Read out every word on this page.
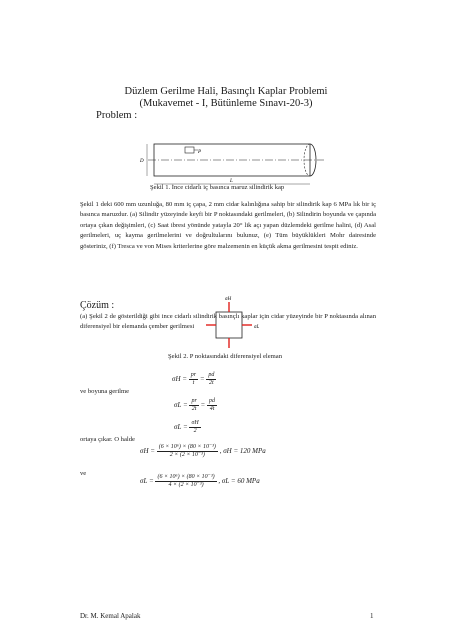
Düzlem Gerilme Hali, Basınçlı Kaplar Problemi
(Mukavemet - I, Bütünleme Sınavı-20-3)
Problem :
P
D
L
Şekil 1. İnce cidarlı iç basınca maruz silindirik kap
Şekil 1 deki 600 mm uzunluğa, 80 mm iç çapa, 2 mm cidar kalınlığına sahip bir silindirik kap 6 MPa lık bir iç basınca maruzdur. (a) Silindir yüzeyinde keyfi bir P noktasındaki gerilmeleri, (b) Silindirin boyunda ve çapında ortaya çıkan değişimleri, (c) Saat ibresi yönünde yatayla 20° lik açı yapan düzlemdeki gerilme halini, (d) Asal gerilmeleri, uç kayma gerilmelerini ve doğrultularını bulunuz, (e) Tüm büyüklükleri Mohr dairesinde gösteriniz, (f) Tresca ve von Mises kriterlerine göre malzemenin en küçük akma gerilmesini tespit ediniz.
Çözüm :
(a) Şekil 2 de gösterildiği gibi ince cidarlı silindirik basınçlı kaplar için cidar yüzeyinde bir P noktasında alınan diferensiyel bir elemanda çember gerilmesi
σH
σL
Şekil 2. P noktasındaki diferensiyel eleman
$\sigma H = \frac{pr}{t} = \frac{pd}{2t}$
ve boyuna gerilme
$\sigma L = \frac{pr}{2t} = \frac{pd}{4t}$
$\sigma L = \frac{\sigma H}{2}$
ortaya çıkar. O halde
$\sigma H = \frac{\text{(6 × 10⁶) × (80 × 10⁻³)}}{\text{2 × (2 × 10⁻³)}}$ , σH = 120 MPa
ve
$\sigma L = \frac{\text{(6 × 10⁶) × (80 × 10⁻³)}}{\text{4 × (2 × 10⁻³)}}$ , σL = 60 MPa
Dr. M. Kemal Apalak	1
